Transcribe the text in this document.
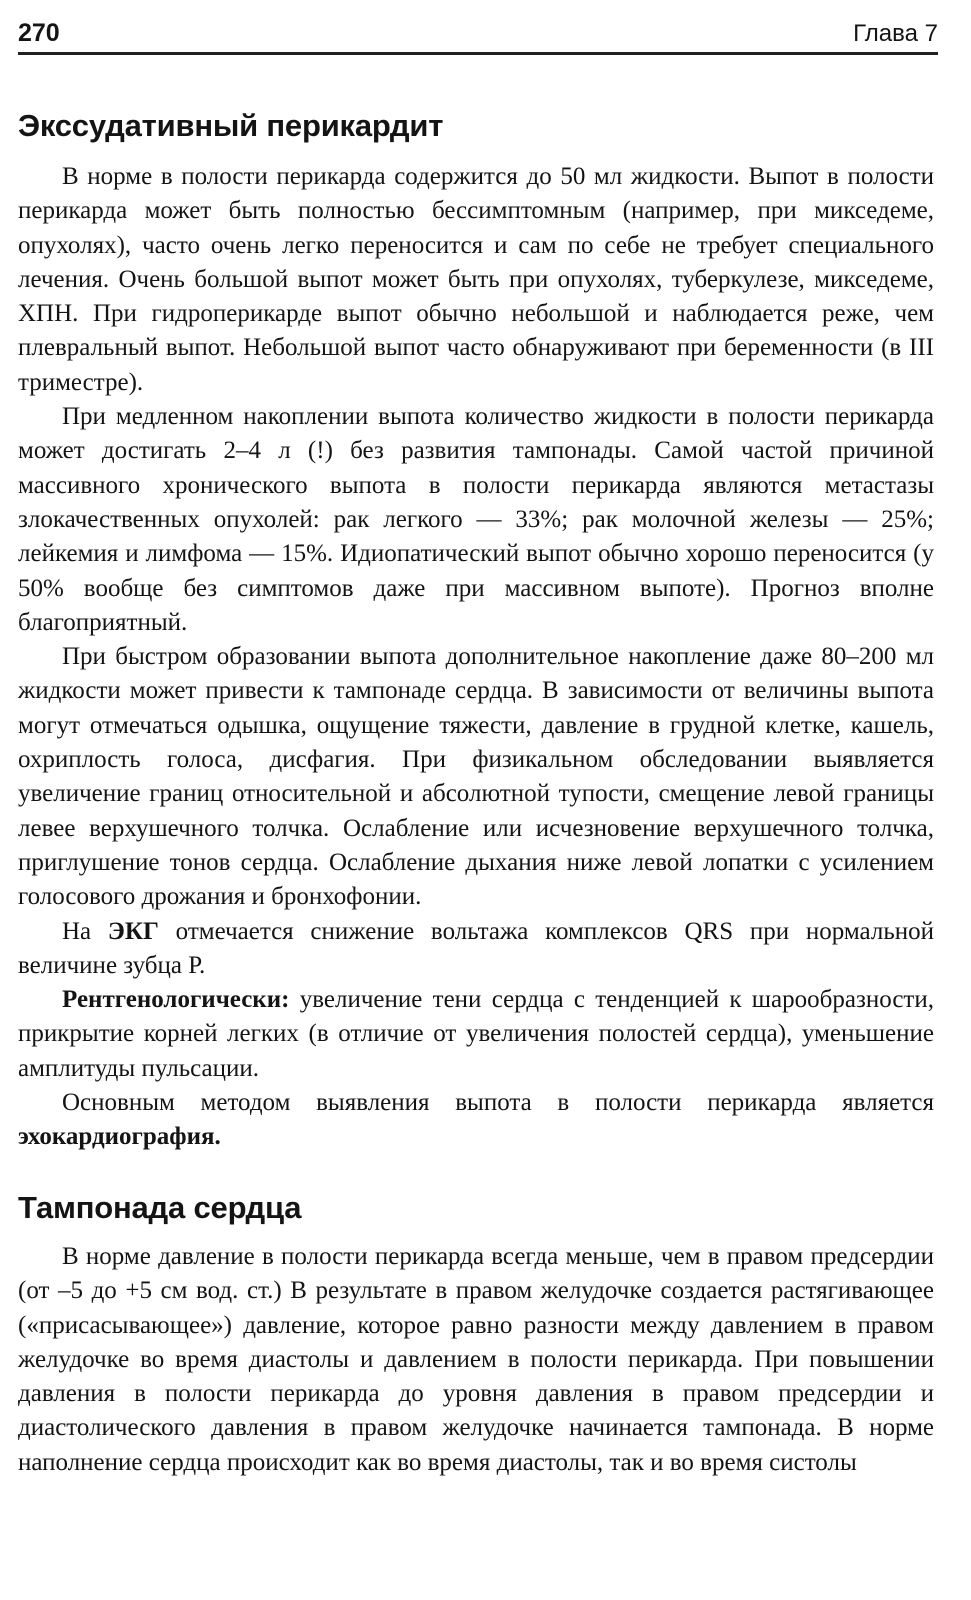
270	Глава 7
Экссудативный перикардит

В норме в полости перикарда содержится до 50 мл жидкости. Выпот в полости перикарда может быть полностью бессимптомным (например, при микседеме, опухолях), часто очень легко переносится и сам по себе не требует специального лечения. Очень большой выпот может быть при опухолях, туберкулезе, микседеме, ХПН. При гидроперикарде выпот обычно небольшой и наблюдается реже, чем плевральный выпот. Небольшой выпот часто обнаруживают при беременности (в III триместре).

При медленном накоплении выпота количество жидкости в полости перикарда может достигать 2–4 л (!) без развития тампонады. Самой частой причиной массивного хронического выпота в полости перикарда являются метастазы злокачественных опухолей: рак легкого — 33%; рак молочной железы — 25%; лейкемия и лимфома — 15%. Идиопатический выпот обычно хорошо переносится (у 50% вообще без симптомов даже при массивном выпоте). Прогноз вполне благоприятный.

При быстром образовании выпота дополнительное накопление даже 80–200 мл жидкости может привести к тампонаде сердца. В зависимости от величины выпота могут отмечаться одышка, ощущение тяжести, давление в грудной клетке, кашель, охриплость голоса, дисфагия. При физикальном обследовании выявляется увеличение границ относительной и абсолютной тупости, смещение левой границы левее верхушечного толчка. Ослабление или исчезновение верхушечного толчка, приглушение тонов сердца. Ослабление дыхания ниже левой лопатки с усилением голосового дрожания и бронхофонии.

На ЭКГ отмечается снижение вольтажа комплексов QRS при нормальной величине зубца Р.

Рентгенологически: увеличение тени сердца с тенденцией к шарообразности, прикрытие корней легких (в отличие от увеличения полостей сердца), уменьшение амплитуды пульсации.

Основным методом выявления выпота в полости перикарда является эхокардиография.

Тампонада сердца

В норме давление в полости перикарда всегда меньше, чем в правом предсердии (от –5 до +5 см вод. ст.) В результате в правом желудочке создается растягивающее («присасывающее») давление, которое равно разности между давлением в правом желудочке во время диастолы и давлением в полости перикарда. При повышении давления в полости перикарда до уровня давления в правом предсердии и диастолического давления в правом желудочке начинается тампонада. В норме наполнение сердца происходит как во время диастолы, так и во время систолы
